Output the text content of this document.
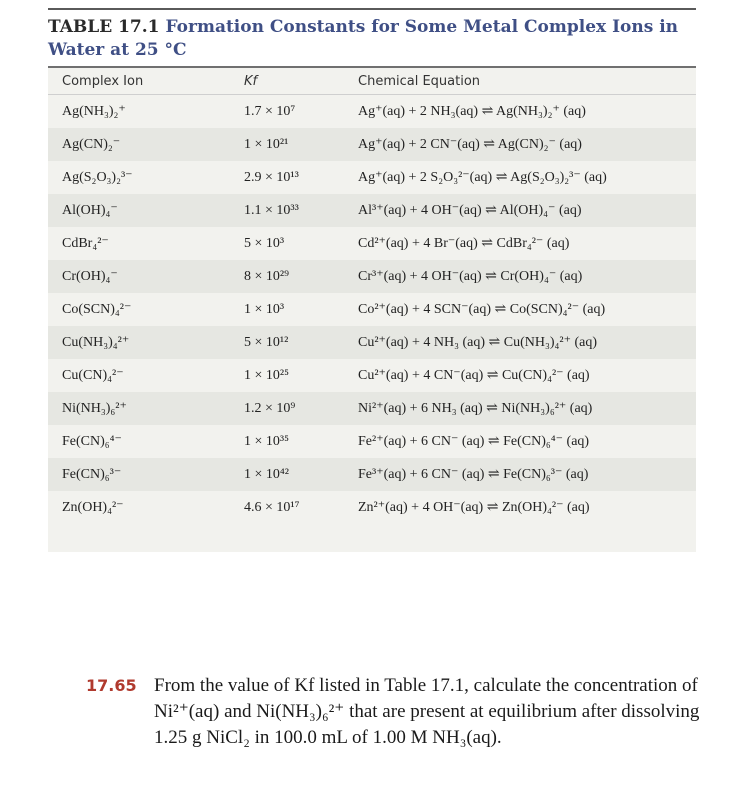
TABLE 17.1 Formation Constants for Some Metal Complex Ions in Water at 25 °C
Complex Ion	Kf	Chemical Equation
Ag(NH₃)₂⁺	1.7 × 10⁷	Ag⁺(aq) + 2 NH₃(aq) ⇌ Ag(NH₃)₂⁺ (aq)
Ag(CN)₂⁻	1 × 10²¹	Ag⁺(aq) + 2 CN⁻(aq) ⇌ Ag(CN)₂⁻ (aq)
Ag(S₂O₃)₂³⁻	2.9 × 10¹³	Ag⁺(aq) + 2 S₂O₃²⁻(aq) ⇌ Ag(S₂O₃)₂³⁻ (aq)
Al(OH)₄⁻	1.1 × 10³³	Al³⁺(aq) + 4 OH⁻(aq) ⇌ Al(OH)₄⁻ (aq)
CdBr₄²⁻	5 × 10³	Cd²⁺(aq) + 4 Br⁻(aq) ⇌ CdBr₄²⁻ (aq)
Cr(OH)₄⁻	8 × 10²⁹	Cr³⁺(aq) + 4 OH⁻(aq) ⇌ Cr(OH)₄⁻ (aq)
Co(SCN)₄²⁻	1 × 10³	Co²⁺(aq) + 4 SCN⁻(aq) ⇌ Co(SCN)₄²⁻ (aq)
Cu(NH₃)₄²⁺	5 × 10¹²	Cu²⁺(aq) + 4 NH₃ (aq) ⇌ Cu(NH₃)₄²⁺ (aq)
Cu(CN)₄²⁻	1 × 10²⁵	Cu²⁺(aq) + 4 CN⁻(aq) ⇌ Cu(CN)₄²⁻ (aq)
Ni(NH₃)₆²⁺	1.2 × 10⁹	Ni²⁺(aq) + 6 NH₃ (aq) ⇌ Ni(NH₃)₆²⁺ (aq)
Fe(CN)₆⁴⁻	1 × 10³⁵	Fe²⁺(aq) + 6 CN⁻ (aq) ⇌ Fe(CN)₆⁴⁻ (aq)
Fe(CN)₆³⁻	1 × 10⁴²	Fe³⁺(aq) + 6 CN⁻ (aq) ⇌ Fe(CN)₆³⁻ (aq)
Zn(OH)₄²⁻	4.6 × 10¹⁷	Zn²⁺(aq) + 4 OH⁻(aq) ⇌ Zn(OH)₄²⁻ (aq)
17.65 From the value of Kf listed in Table 17.1, calculate the concentration of Ni²⁺(aq) and Ni(NH₃)₆²⁺ that are present at equilibrium after dissolving 1.25 g NiCl₂ in 100.0 mL of 1.00 M NH₃(aq).
